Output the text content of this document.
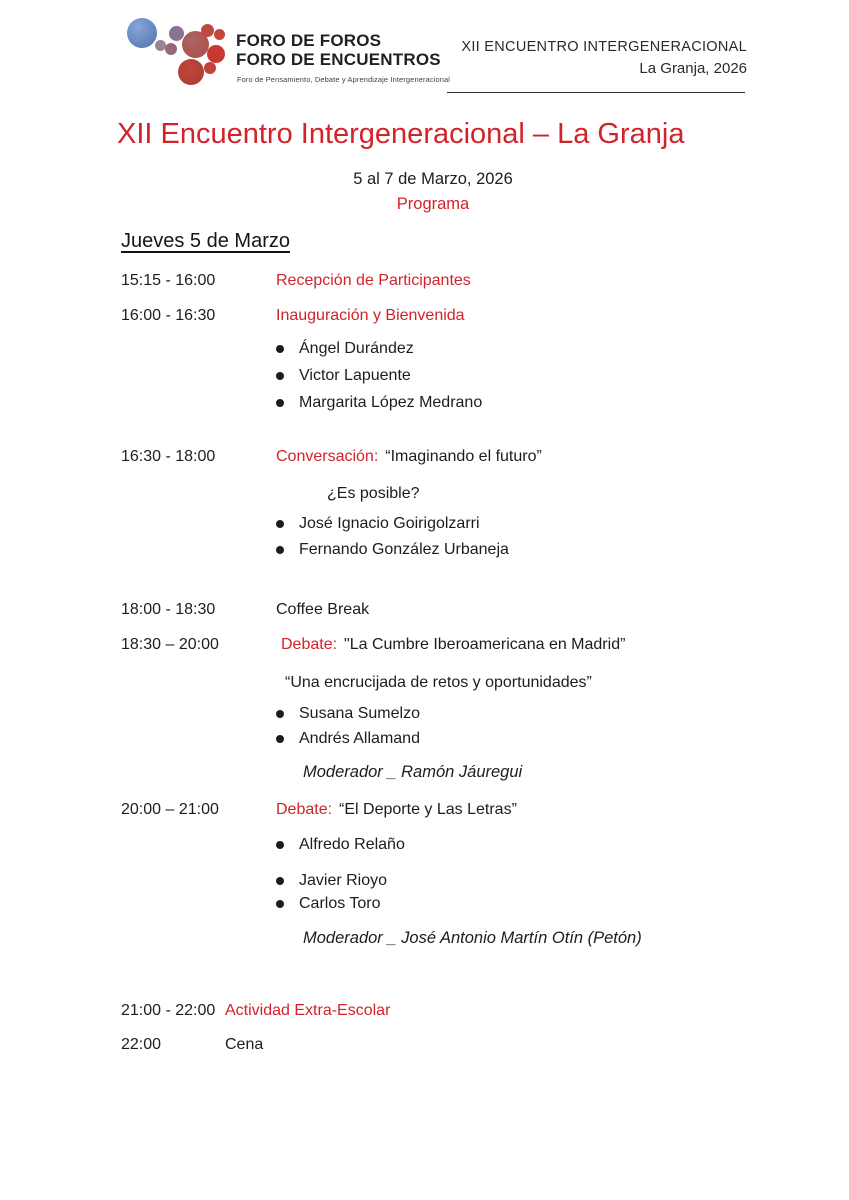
FORO DE FOROS
FORO DE ENCUENTROS
Foro de Pensamiento, Debate y Aprendizaje Intergeneracional
XII ENCUENTRO INTERGENERACIONAL
La Granja, 2026
XII Encuentro Intergeneracional – La Granja
5 al 7 de Marzo, 2026
Programa
Jueves 5 de Marzo
15:15 - 16:00	Recepción de Participantes
16:00 - 16:30	Inauguración y Bienvenida
Ángel Durández
Victor Lapuente
Margarita López Medrano
16:30 - 18:00	Conversación: “Imaginando el futuro”
¿Es posible?
José Ignacio Goirigolzarri
Fernando González Urbaneja
18:00 - 18:30	Coffee Break
18:30 – 20:00	Debate: "La Cumbre Iberoamericana en Madrid”
“Una encrucijada de retos y oportunidades”
Susana Sumelzo
Andrés Allamand
Moderador _ Ramón Jáuregui
20:00 – 21:00	Debate: “El Deporte y Las Letras”
Alfredo Relaño
Javier Rioyo
Carlos Toro
Moderador _ José Antonio Martín Otín (Petón)
21:00 - 22:00 Actividad Extra-Escolar
22:00	Cena
